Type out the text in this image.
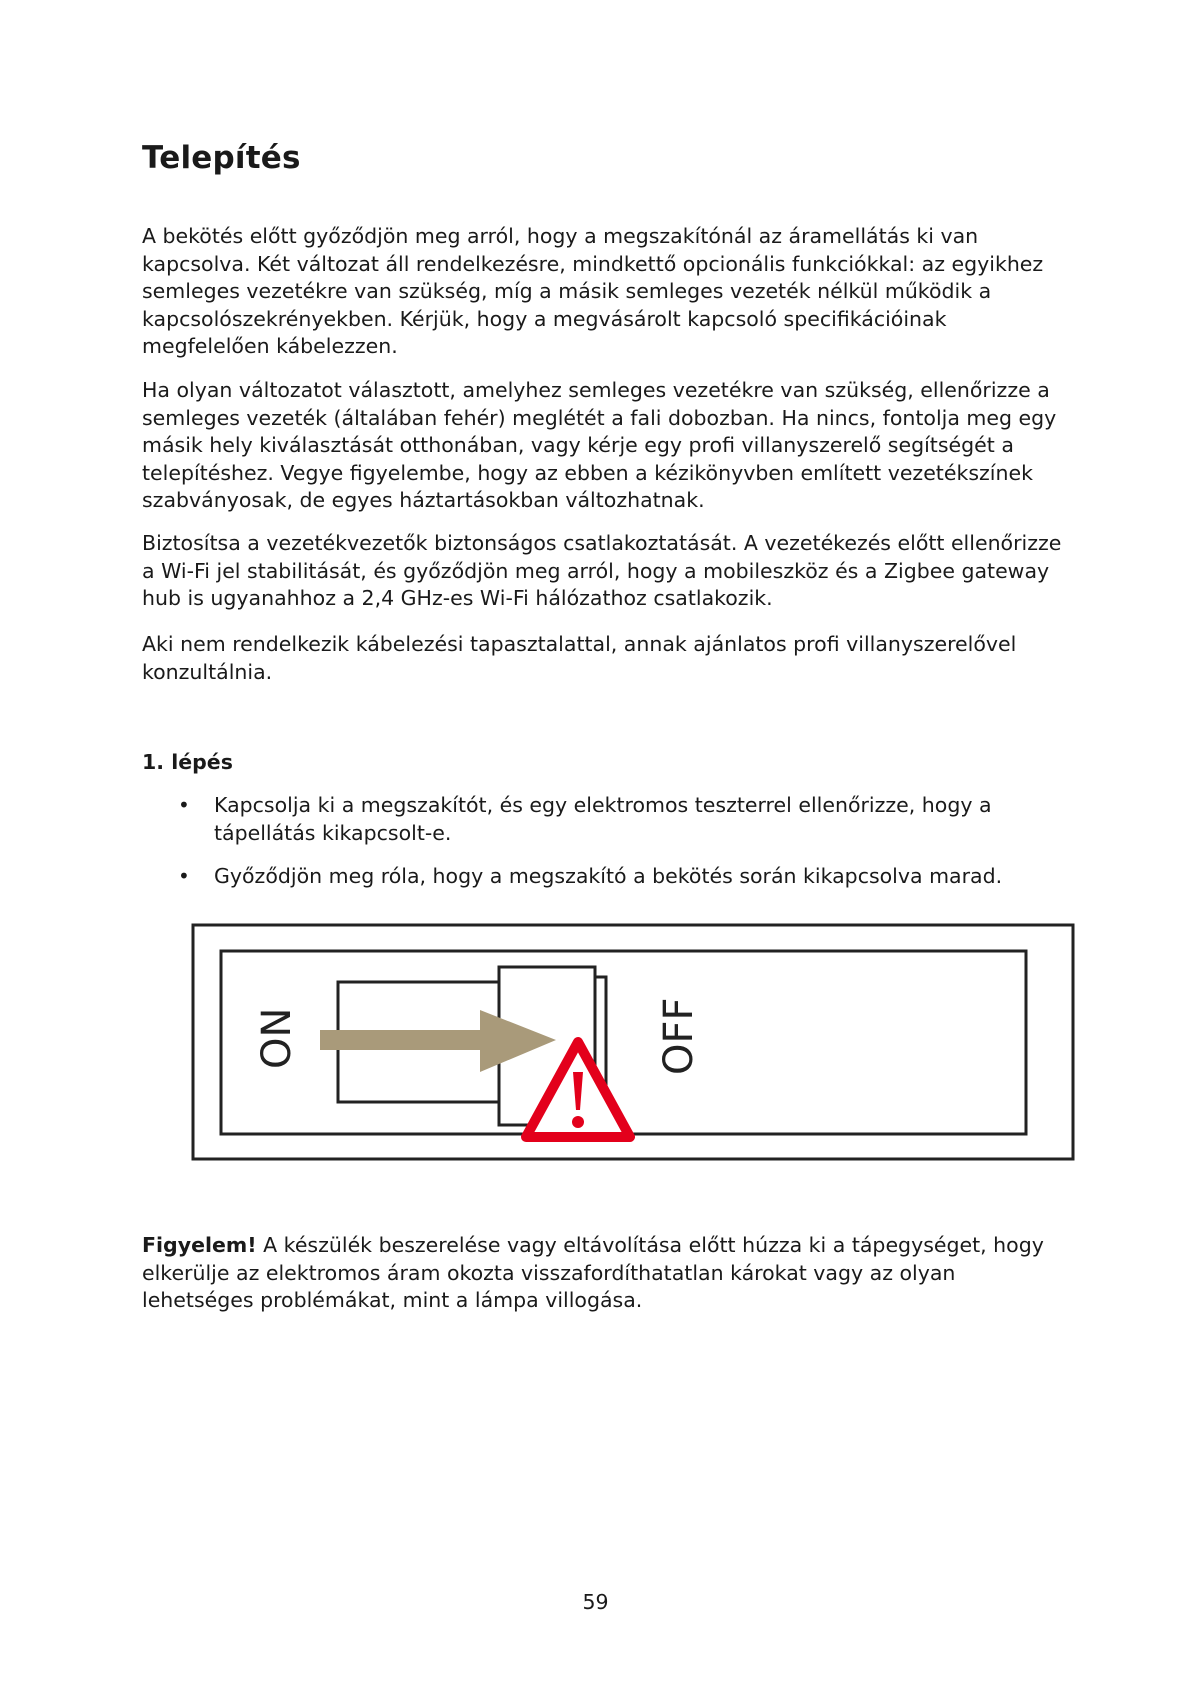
Telepítés

A bekötés előtt győződjön meg arról, hogy a megszakítónál az áramellátás ki van kapcsolva. Két változat áll rendelkezésre, mindkettő opcionális funkciókkal: az egyikhez semleges vezetékre van szükség, míg a másik semleges vezeték nélkül működik a kapcsolószekrényekben. Kérjük, hogy a megvásárolt kapcsoló specifikációinak megfelelően kábelezzen.

Ha olyan változatot választott, amelyhez semleges vezetékre van szükség, ellenőrizze a semleges vezeték (általában fehér) meglétét a fali dobozban. Ha nincs, fontolja meg egy másik hely kiválasztását otthonában, vagy kérje egy profi villanyszerelő segítségét a telepítéshez. Vegye figyelembe, hogy az ebben a kézikönyvben említett vezetékszínek szabványosak, de egyes háztartásokban változhatnak.

Biztosítsa a vezetékvezetők biztonságos csatlakoztatását. A vezetékezés előtt ellenőrizze a Wi-Fi jel stabilitását, és győződjön meg arról, hogy a mobileszköz és a Zigbee gateway hub is ugyanahhoz a 2,4 GHz-es Wi-Fi hálózathoz csatlakozik.

Aki nem rendelkezik kábelezési tapasztalattal, annak ajánlatos profi villanyszerelővel konzultálnia.

1. lépés
• Kapcsolja ki a megszakítót, és egy elektromos teszterrel ellenőrizze, hogy a tápellátás kikapcsolt-e.
• Győződjön meg róla, hogy a megszakító a bekötés során kikapcsolva marad.
ON	OFF

Figyelem! A készülék beszerelése vagy eltávolítása előtt húzza ki a tápegységet, hogy elkerülje az elektromos áram okozta visszafordíthatatlan károkat vagy az olyan lehetséges problémákat, mint a lámpa villogása.

59
